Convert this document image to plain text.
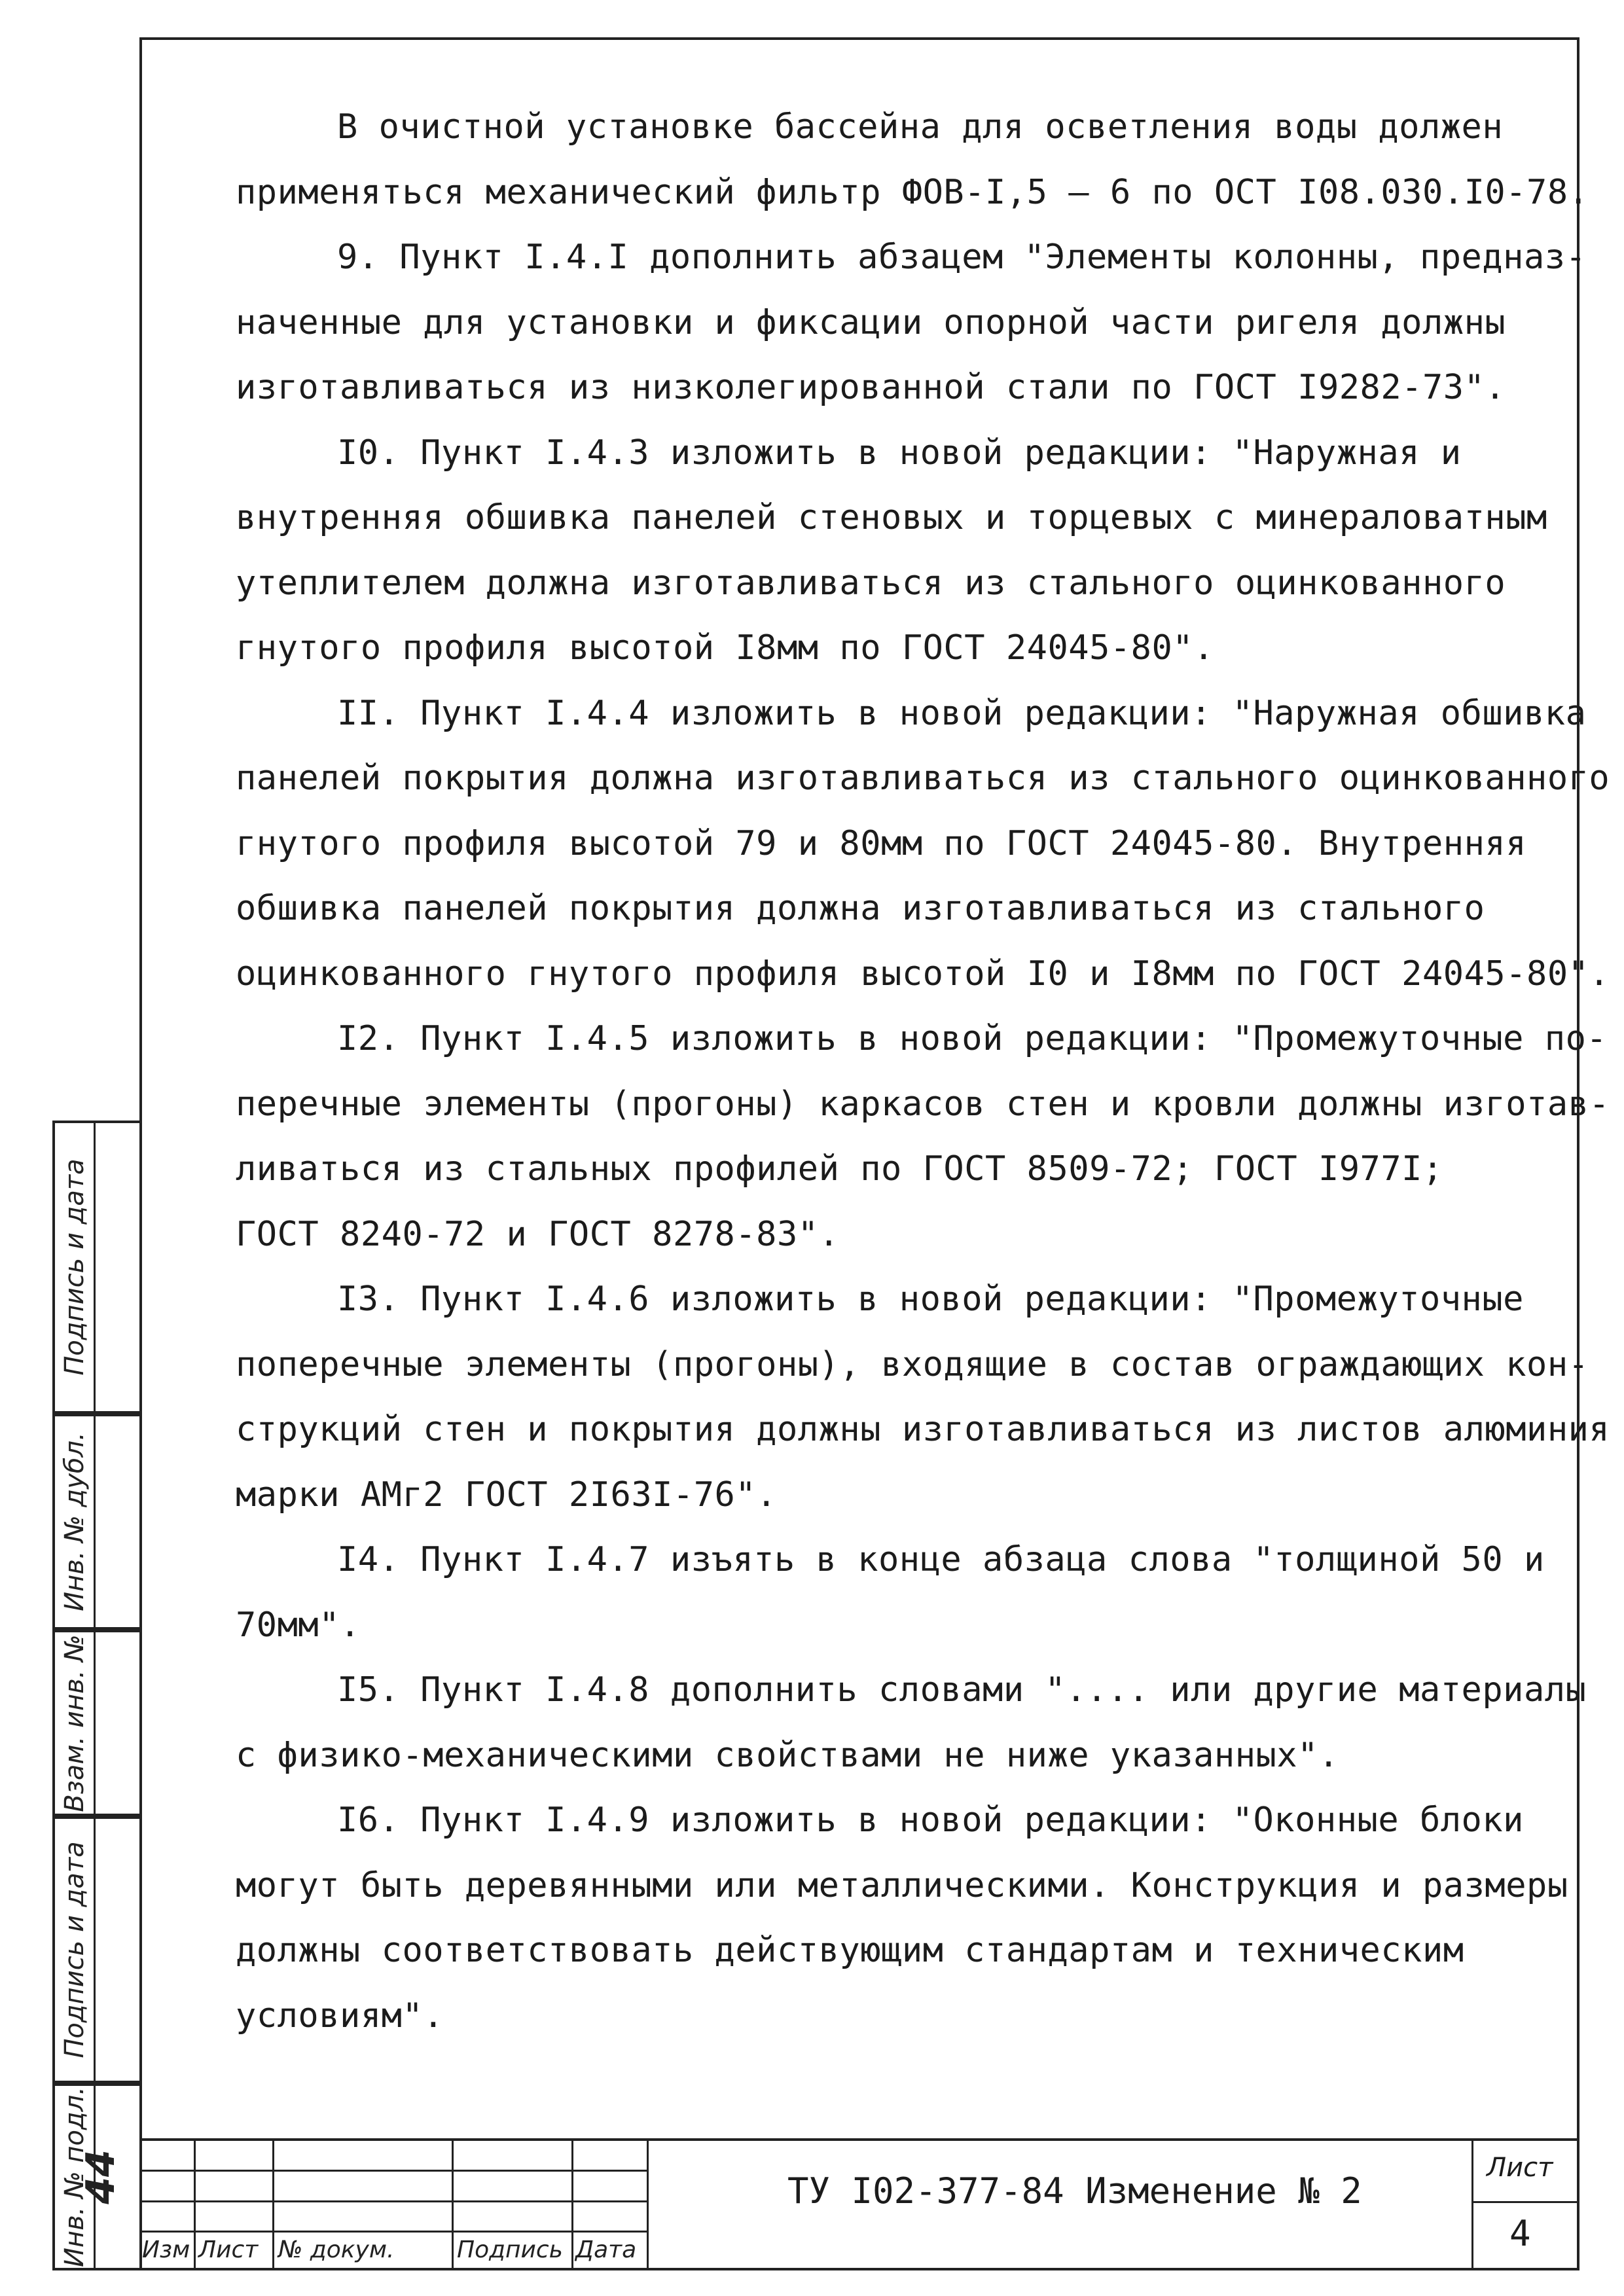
В очистной установке бассейна для осветления воды должен
применяться механический фильтр ФОВ-I,5 – 6 по ОСТ I08.030.I0-78.

9. Пункт I.4.I дополнить абзацем "Элементы колонны, предназ-
наченные для установки и фиксации опорной части ригеля должны
изготавливаться из низколегированной стали по ГОСТ I9282-73".

I0. Пункт I.4.3 изложить в новой редакции: "Наружная и
внутренняя обшивка панелей стеновых и торцевых с минераловатным
утеплителем должна изготавливаться из стального оцинкованного
гнутого профиля высотой I8мм по ГОСТ 24045-80".

II. Пункт I.4.4 изложить в новой редакции: "Наружная обшивка
панелей покрытия должна изготавливаться из стального оцинкованного
гнутого профиля высотой 79 и 80мм по ГОСТ 24045-80. Внутренняя
обшивка панелей покрытия должна изготавливаться из стального
оцинкованного гнутого профиля высотой I0 и I8мм по ГОСТ 24045-80".

I2. Пункт I.4.5 изложить в новой редакции: "Промежуточные по-
перечные элементы (прогоны) каркасов стен и кровли должны изготав-
ливаться из стальных профилей по ГОСТ 8509-72; ГОСТ I977I;
ГОСТ 8240-72 и ГОСТ 8278-83".

I3. Пункт I.4.6 изложить в новой редакции: "Промежуточные
поперечные элементы (прогоны), входящие в состав ограждающих кон-
струкций стен и покрытия должны изготавливаться из листов алюминия
марки АМг2 ГОСТ 2I63I-76".

I4. Пункт I.4.7 изъять в конце абзаца слова "толщиной 50 и
70мм".

I5. Пункт I.4.8 дополнить словами ".... или другие материалы
с физико-механическими свойствами не ниже указанных".

I6. Пункт I.4.9 изложить в новой редакции: "Оконные блоки
могут быть деревянными или металлическими. Конструкция и размеры
должны соответствовать действующим стандартам и техническим
условиям".

Подпись и дата
Инв. № дубл.
Взам. инв. №
Подпись и дата
Инв. № подл.
44
Изм Лист № докум.	Подпись Дата
ТУ I02-377-84 Изменение № 2
Лист
4
